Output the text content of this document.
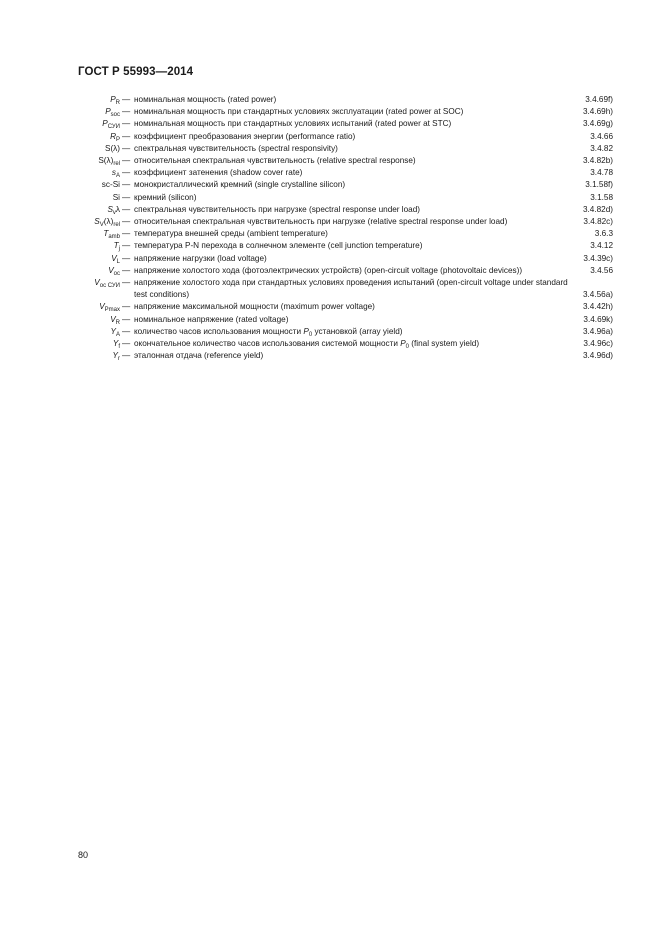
ГОСТ Р 55993—2014
$P_R$ — номинальная мощность (rated power)	3.4.69f)
$P_{soc}$ — номинальная мощность при стандартных условиях эксплуатации (rated power at SOC)	3.4.69h)
$P_{СУИ}$ — номинальная мощность при стандартных условиях испытаний (rated power at STC)	3.4.69g)
$R_P$ — коэффициент преобразования энергии (performance ratio)	3.4.66
S(λ) — спектральная чувствительность (spectral responsivity)	3.4.82
$S(\lambda)_{rel}$ — относительная спектральная чувствительность (relative spectral response)	3.4.82b)
$s_A$ — коэффициент затенения (shadow cover rate)	3.4.78
sc-Si — монокристаллический кремний (single crystalline silicon)	3.1.58f)
Si — кремний (silicon)	3.1.58
$S_v\lambda$ — спектральная чувствительность при нагрузке (spectral response under load)	3.4.82d)
$S_V(\lambda)_{rel}$ — относительная спектральная чувствительность при нагрузке (relative spectral response under load)	3.4.82c)
$T_{amb}$ — температура внешней среды (ambient temperature)	3.6.3
$T_j$ — температура P-N перехода в солнечном элементе (cell junction temperature)	3.4.12
$V_L$ — напряжение нагрузки (load voltage)	3.4.39c)
$V_{oc}$ — напряжение холостого хода (фотоэлектрических устройств) (open-circuit voltage (photovoltaic devices))	3.4.56
$V_{oc СУИ}$ — напряжение холостого хода при стандартных условиях проведения испытаний (open-circuit voltage under standard test conditions)	3.4.56a)
$V_{Pmax}$ — напряжение максимальной мощности (maximum power voltage)	3.4.42h)
$V_R$ — номинальное напряжение (rated voltage)	3.4.69k)
$Y_A$ — количество часов использования мощности $P_0$ установкой (array yield)	3.4.96a)
$Y_f$ — окончательное количество часов использования системой мощности $P_0$ (final system yield)	3.4.96c)
$Y_r$ — эталонная отдача (reference yield)	3.4.96d)
80
